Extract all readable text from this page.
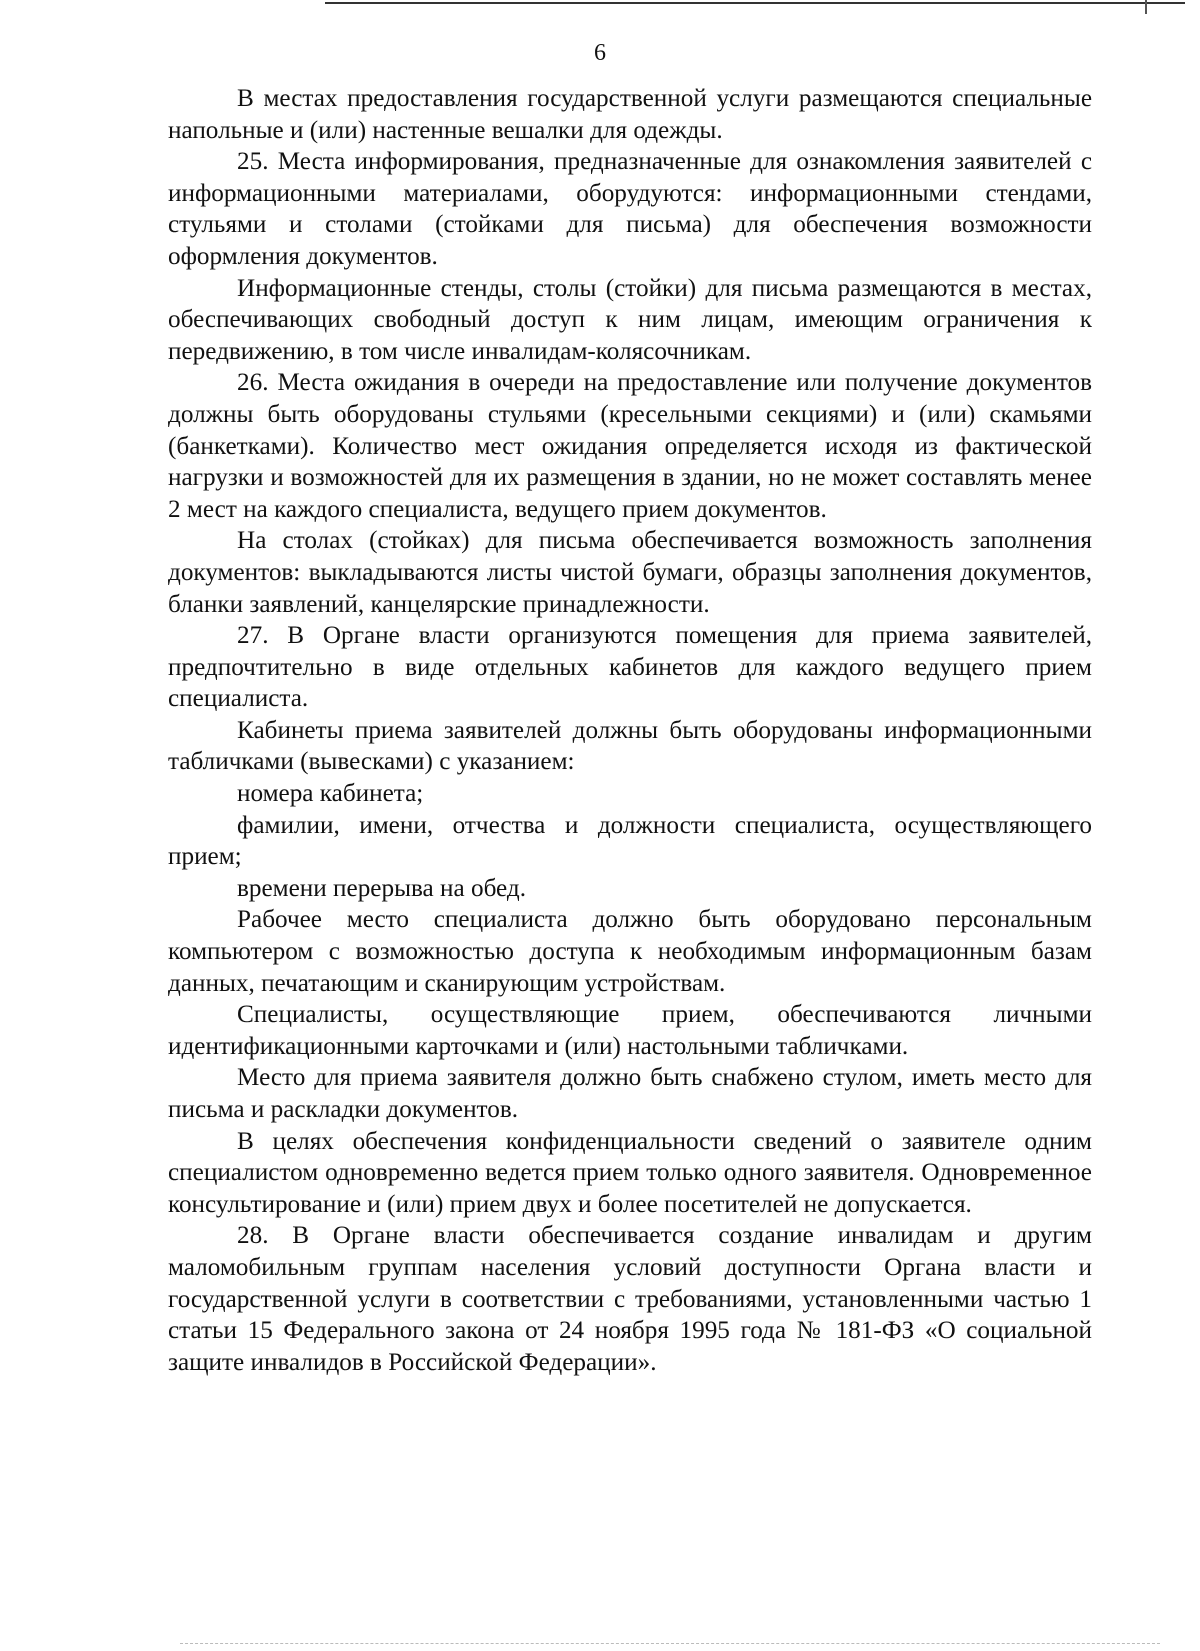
6

В местах предоставления государственной услуги размещаются специальные напольные и (или) настенные вешалки для одежды.

25. Места информирования, предназначенные для ознакомления заявителей с информационными материалами, оборудуются: информационными стендами, стульями и столами (стойками для письма) для обеспечения возможности оформления документов.

Информационные стенды, столы (стойки) для письма размещаются в местах, обеспечивающих свободный доступ к ним лицам, имеющим ограничения к передвижению, в том числе инвалидам-колясочникам.

26. Места ожидания в очереди на предоставление или получение документов должны быть оборудованы стульями (кресельными секциями) и (или) скамьями (банкетками). Количество мест ожидания определяется исходя из фактической нагрузки и возможностей для их размещения в здании, но не может составлять менее 2 мест на каждого специалиста, ведущего прием документов.

На столах (стойках) для письма обеспечивается возможность заполнения документов: выкладываются листы чистой бумаги, образцы заполнения документов, бланки заявлений, канцелярские принадлежности.

27. В Органе власти организуются помещения для приема заявителей, предпочтительно в виде отдельных кабинетов для каждого ведущего прием специалиста.

Кабинеты приема заявителей должны быть оборудованы информационными табличками (вывесками) с указанием:

номера кабинета;

фамилии, имени, отчества и должности специалиста, осуществляющего прием;

времени перерыва на обед.

Рабочее место специалиста должно быть оборудовано персональным компьютером с возможностью доступа к необходимым информационным базам данных, печатающим и сканирующим устройствам.

Специалисты, осуществляющие прием, обеспечиваются личными идентификационными карточками и (или) настольными табличками.

Место для приема заявителя должно быть снабжено стулом, иметь место для письма и раскладки документов.

В целях обеспечения конфиденциальности сведений о заявителе одним специалистом одновременно ведется прием только одного заявителя. Одновременное консультирование и (или) прием двух и более посетителей не допускается.

28. В Органе власти обеспечивается создание инвалидам и другим маломобильным группам населения условий доступности Органа власти и государственной услуги в соответствии с требованиями, установленными частью 1 статьи 15 Федерального закона от 24 ноября 1995 года № 181-ФЗ «О социальной защите инвалидов в Российской Федерации».
